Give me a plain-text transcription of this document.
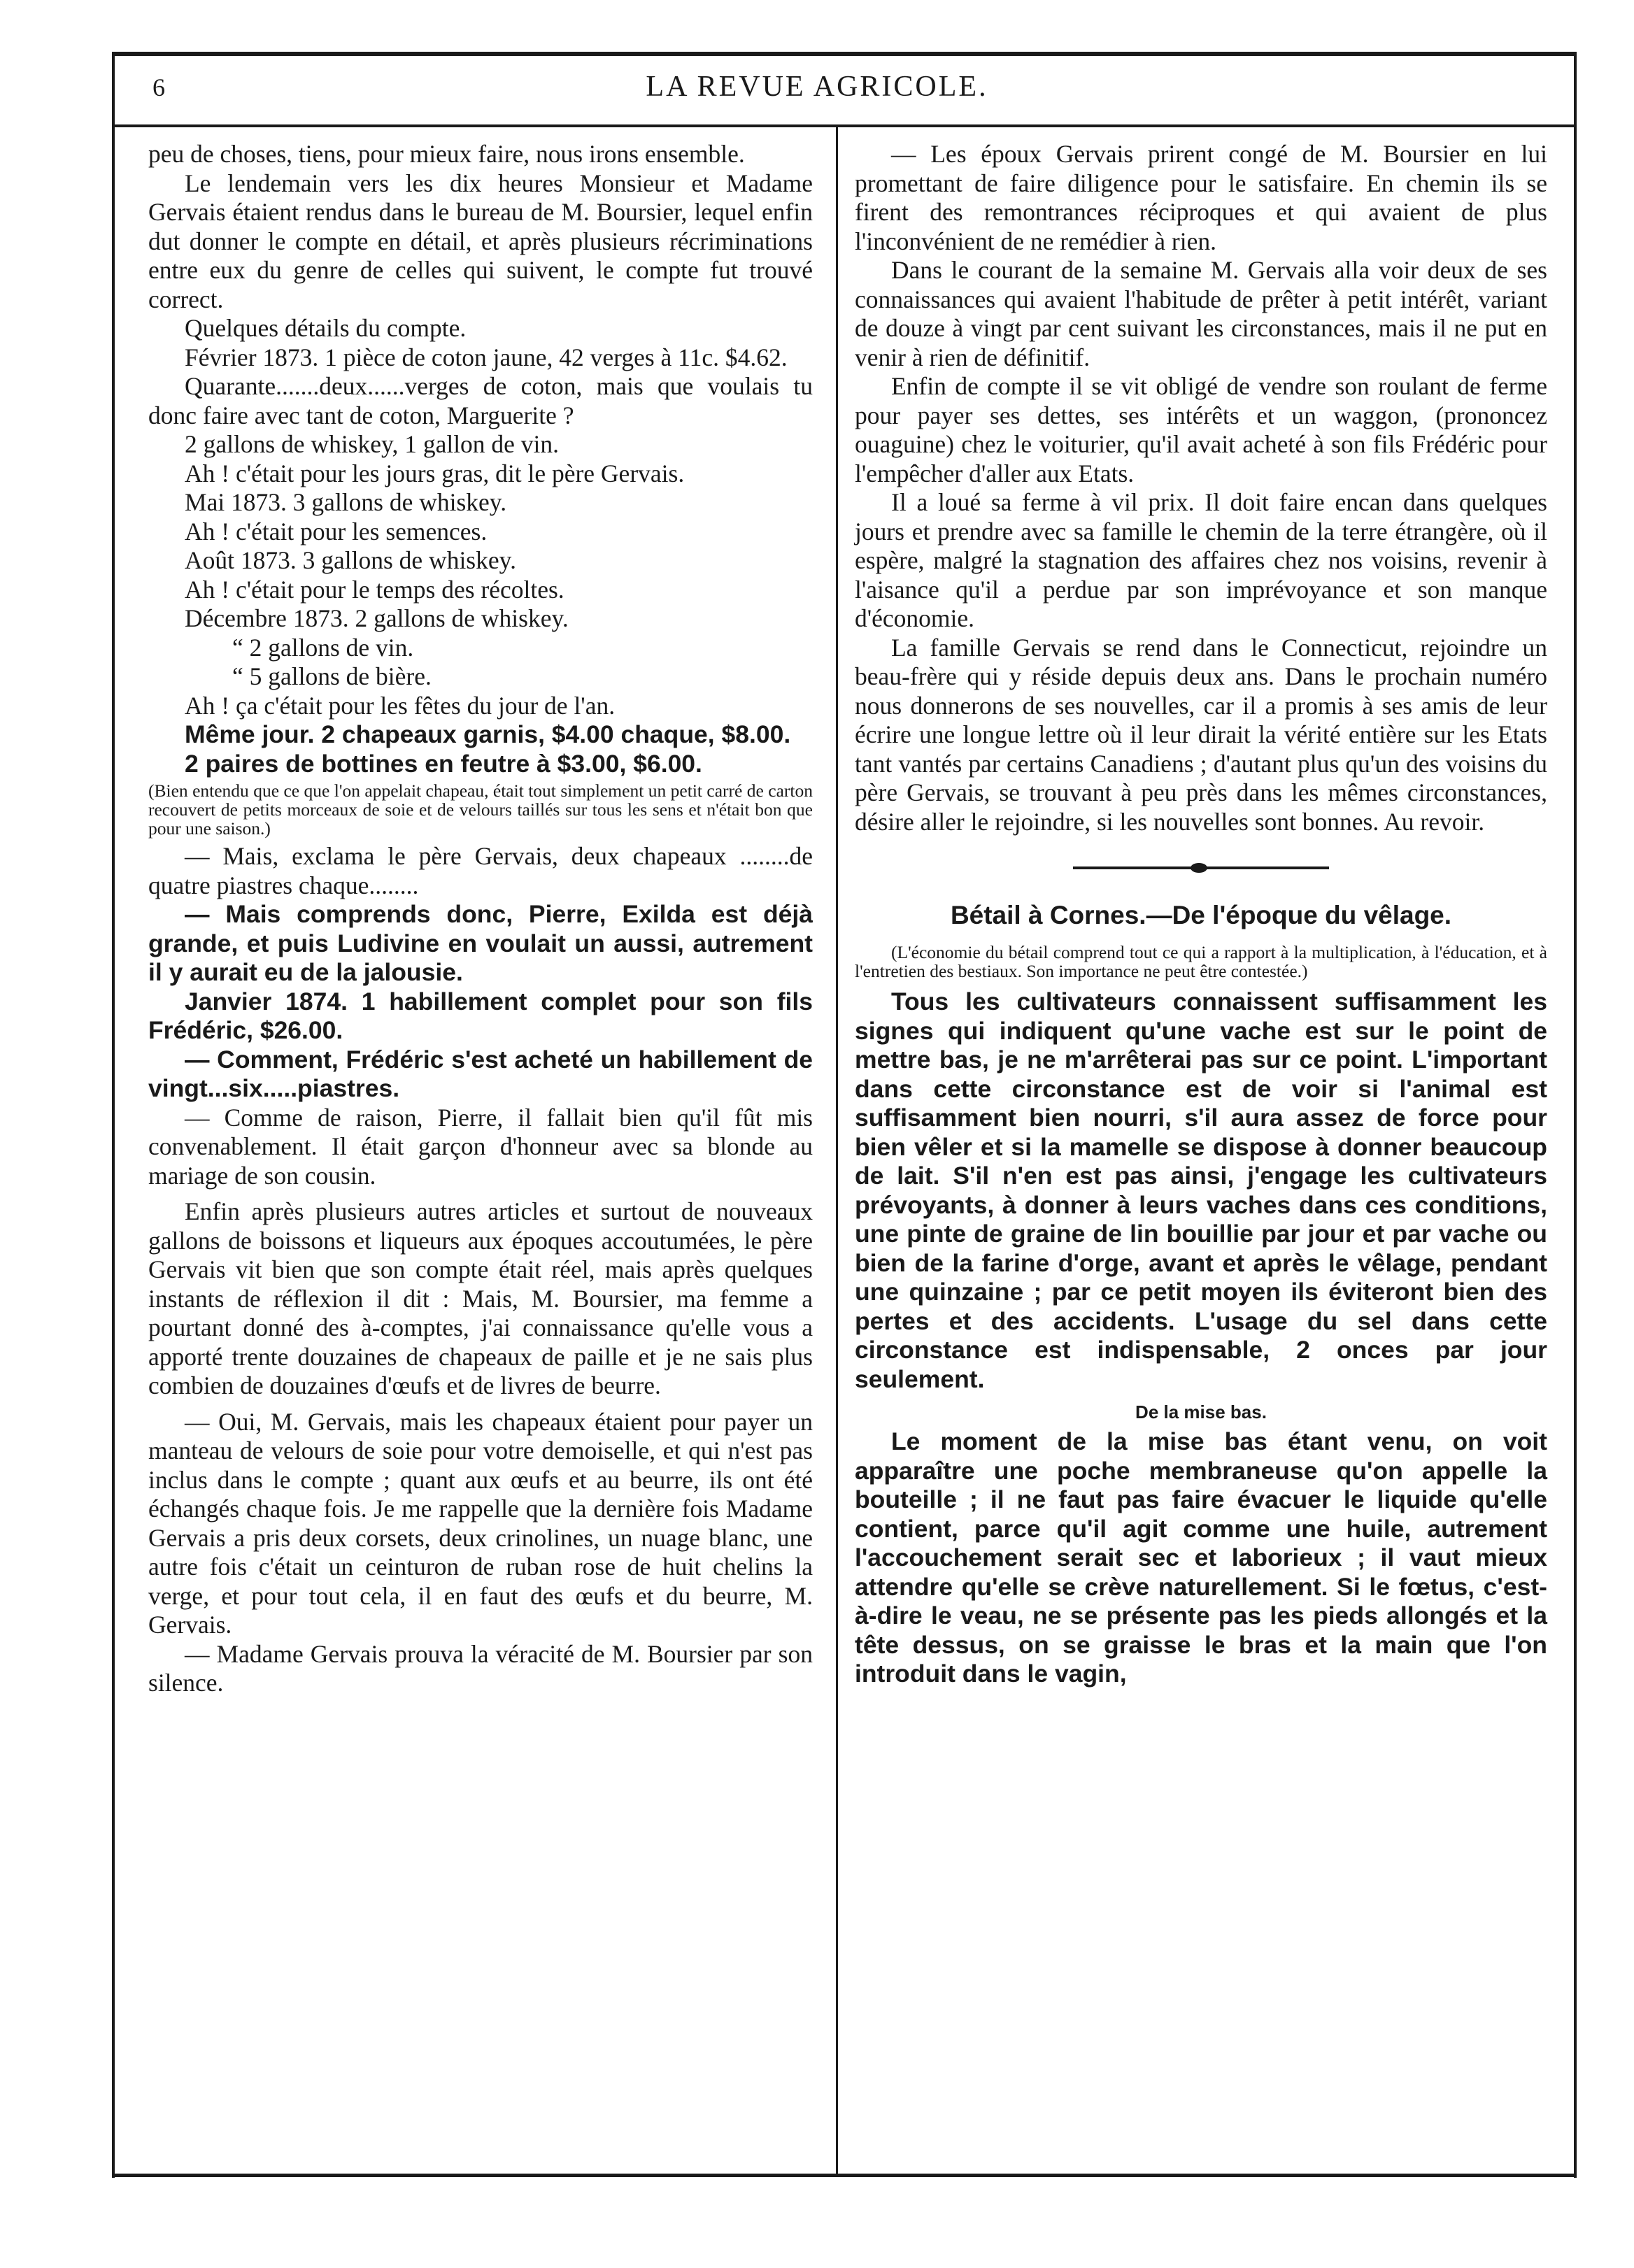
6	LA REVUE AGRICOLE.

peu de choses, tiens, pour mieux faire, nous irons ensemble.

Le lendemain vers les dix heures Monsieur et Madame Gervais étaient rendus dans le bureau de M. Boursier, lequel enfin dut donner le compte en détail, et après plusieurs récriminations entre eux du genre de celles qui suivent, le compte fut trouvé correct.

Quelques détails du compte.

Février 1873. 1 pièce de coton jaune, 42 verges à 11c. $4.62.

Quarante.......deux......verges de coton, mais que voulais tu donc faire avec tant de coton, Marguerite ?

2 gallons de whiskey, 1 gallon de vin.

Ah ! c'était pour les jours gras, dit le père Gervais.

Mai 1873. 3 gallons de whiskey.

Ah ! c'était pour les semences.

Août 1873. 3 gallons de whiskey.

Ah ! c'était pour le temps des récoltes.

Décembre 1873. 2 gallons de whiskey.

“ 2 gallons de vin.

“ 5 gallons de bière.

Ah ! ça c'était pour les fêtes du jour de l'an.

Même jour. 2 chapeaux garnis, $4.00 chaque, $8.00.

2 paires de bottines en feutre à $3.00, $6.00.

(Bien entendu que ce que l'on appelait chapeau, était tout simplement un petit carré de carton recouvert de petits morceaux de soie et de velours taillés sur tous les sens et n'était bon que pour une saison.)

— Mais, exclama le père Gervais, deux chapeaux ........de quatre piastres chaque........

— Mais comprends donc, Pierre, Exilda est déjà grande, et puis Ludivine en voulait un aussi, autrement il y aurait eu de la jalousie.

Janvier 1874. 1 habillement complet pour son fils Frédéric, $26.00.

— Comment, Frédéric s'est acheté un habillement de vingt...six.....piastres.

— Comme de raison, Pierre, il fallait bien qu'il fût mis convenablement. Il était garçon d'honneur avec sa blonde au mariage de son cousin.

Enfin après plusieurs autres articles et surtout de nouveaux gallons de boissons et liqueurs aux époques accoutumées, le père Gervais vit bien que son compte était réel, mais après quelques instants de réflexion il dit : Mais, M. Boursier, ma femme a pourtant donné des à-comptes, j'ai connaissance qu'elle vous a apporté trente douzaines de chapeaux de paille et je ne sais plus combien de douzaines d'œufs et de livres de beurre.

— Oui, M. Gervais, mais les chapeaux étaient pour payer un manteau de velours de soie pour votre demoiselle, et qui n'est pas inclus dans le compte ; quant aux œufs et au beurre, ils ont été échangés chaque fois. Je me rappelle que la dernière fois Madame Gervais a pris deux corsets, deux crinolines, un nuage blanc, une autre fois c'était un ceinturon de ruban rose de huit chelins la verge, et pour tout cela, il en faut des œufs et du beurre, M. Gervais.

— Madame Gervais prouva la véracité de M. Boursier par son silence.

— Les époux Gervais prirent congé de M. Boursier en lui promettant de faire diligence pour le satisfaire. En chemin ils se firent des remontrances réciproques et qui avaient de plus l'inconvénient de ne remédier à rien.

Dans le courant de la semaine M. Gervais alla voir deux de ses connaissances qui avaient l'habitude de prêter à petit intérêt, variant de douze à vingt par cent suivant les circonstances, mais il ne put en venir à rien de définitif.

Enfin de compte il se vit obligé de vendre son roulant de ferme pour payer ses dettes, ses intérêts et un waggon, (prononcez ouaguine) chez le voiturier, qu'il avait acheté à son fils Frédéric pour l'empêcher d'aller aux Etats.

Il a loué sa ferme à vil prix. Il doit faire encan dans quelques jours et prendre avec sa famille le chemin de la terre étrangère, où il espère, malgré la stagnation des affaires chez nos voisins, revenir à l'aisance qu'il a perdue par son imprévoyance et son manque d'économie.

La famille Gervais se rend dans le Connecticut, rejoindre un beau-frère qui y réside depuis deux ans. Dans le prochain numéro nous donnerons de ses nouvelles, car il a promis à ses amis de leur écrire une longue lettre où il leur dirait la vérité entière sur les Etats tant vantés par certains Canadiens ; d'autant plus qu'un des voisins du père Gervais, se trouvant à peu près dans les mêmes circonstances, désire aller le rejoindre, si les nouvelles sont bonnes. Au revoir.

Bétail à Cornes.—De l'époque du vêlage.

(L'économie du bétail comprend tout ce qui a rapport à la multiplication, à l'éducation, et à l'entretien des bestiaux. Son importance ne peut être contestée.)

Tous les cultivateurs connaissent suffisamment les signes qui indiquent qu'une vache est sur le point de mettre bas, je ne m'arrêterai pas sur ce point. L'important dans cette circonstance est de voir si l'animal est suffisamment bien nourri, s'il aura assez de force pour bien vêler et si la mamelle se dispose à donner beaucoup de lait. S'il n'en est pas ainsi, j'engage les cultivateurs prévoyants, à donner à leurs vaches dans ces conditions, une pinte de graine de lin bouillie par jour et par vache ou bien de la farine d'orge, avant et après le vêlage, pendant une quinzaine ; par ce petit moyen ils éviteront bien des pertes et des accidents. L'usage du sel dans cette circonstance est indispensable, 2 onces par jour seulement.

De la mise bas.

Le moment de la mise bas étant venu, on voit apparaître une poche membraneuse qu'on appelle la bouteille ; il ne faut pas faire évacuer le liquide qu'elle contient, parce qu'il agit comme une huile, autrement l'accouchement serait sec et laborieux ; il vaut mieux attendre qu'elle se crève naturellement. Si le fœtus, c'est-à-dire le veau, ne se présente pas les pieds allongés et la tête dessus, on se graisse le bras et la main que l'on introduit dans le vagin,
